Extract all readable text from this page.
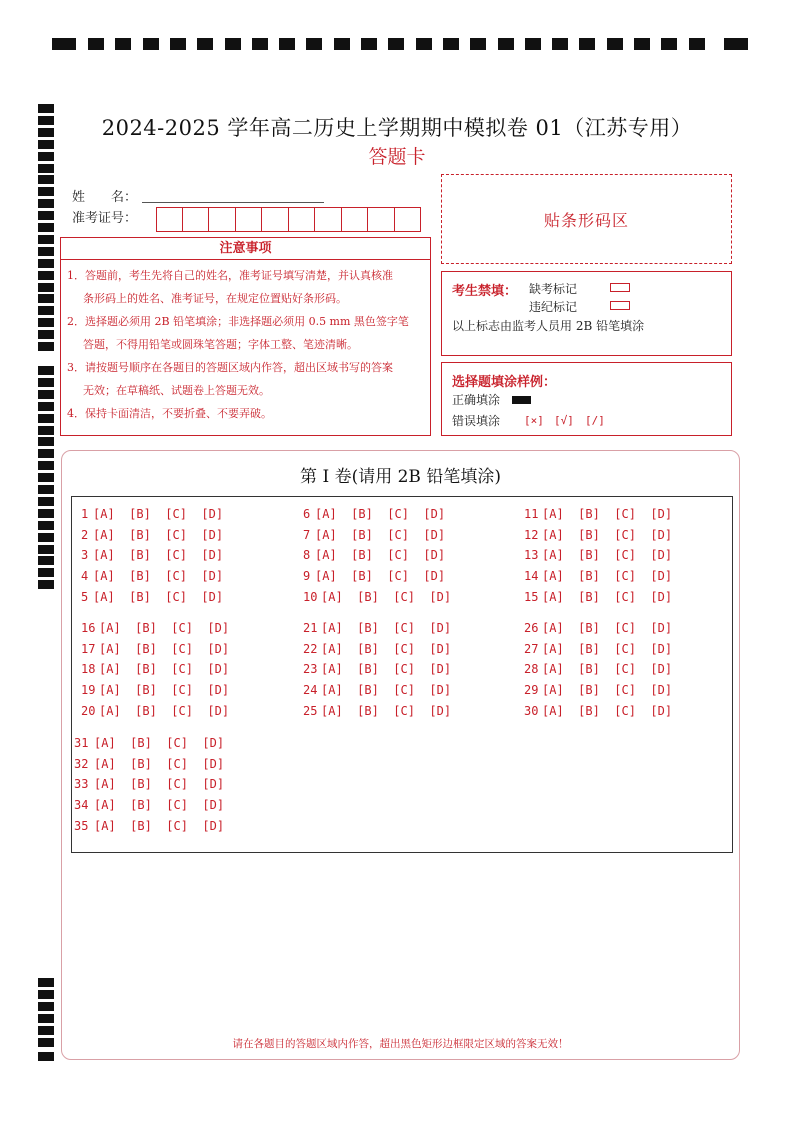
2024-2025 学年高二历史上学期期中模拟卷 01（江苏专用）
答题卡
姓　　名：
准考证号：	贴条形码区
注意事项
1．答题前，考生先将自己的姓名，准考证号填写清楚，并认真核准
条形码上的姓名、准考证号，在规定位置贴好条形码。
2．选择题必须用 2B 铅笔填涂；非选择题必须用 0.5 mm 黑色签字笔
答题，不得用铅笔或圆珠笔答题；字体工整、笔迹清晰。
3．请按题号顺序在各题目的答题区域内作答，超出区域书写的答案
无效；在草稿纸、试题卷上答题无效。
4．保持卡面清洁，不要折叠、不要弄破。
考生禁填： 缺考标记
违纪标记
以上标志由监考人员用 2B 铅笔填涂
选择题填涂样例：
正确填涂
错误填涂 [×] [√] [/]
第 I 卷(请用 2B 铅笔填涂)
1 [A]  [B]  [C]  [D]
2 [A]  [B]  [C]  [D]
3 [A]  [B]  [C]  [D]
4 [A]  [B]  [C]  [D]
5 [A]  [B]  [C]  [D]
6 [A]  [B]  [C]  [D]
7 [A]  [B]  [C]  [D]
8 [A]  [B]  [C]  [D]
9 [A]  [B]  [C]  [D]
10 [A]  [B]  [C]  [D]
11 [A]  [B]  [C]  [D]
12 [A]  [B]  [C]  [D]
13 [A]  [B]  [C]  [D]
14 [A]  [B]  [C]  [D]
15 [A]  [B]  [C]  [D]
16 [A]  [B]  [C]  [D]
17 [A]  [B]  [C]  [D]
18 [A]  [B]  [C]  [D]
19 [A]  [B]  [C]  [D]
20 [A]  [B]  [C]  [D]
21 [A]  [B]  [C]  [D]
22 [A]  [B]  [C]  [D]
23 [A]  [B]  [C]  [D]
24 [A]  [B]  [C]  [D]
25 [A]  [B]  [C]  [D]
26 [A]  [B]  [C]  [D]
27 [A]  [B]  [C]  [D]
28 [A]  [B]  [C]  [D]
29 [A]  [B]  [C]  [D]
30 [A]  [B]  [C]  [D]
31 [A]  [B]  [C]  [D]
32 [A]  [B]  [C]  [D]
33 [A]  [B]  [C]  [D]
34 [A]  [B]  [C]  [D]
35 [A]  [B]  [C]  [D]
请在各题目的答题区域内作答，超出黑色矩形边框限定区域的答案无效！
